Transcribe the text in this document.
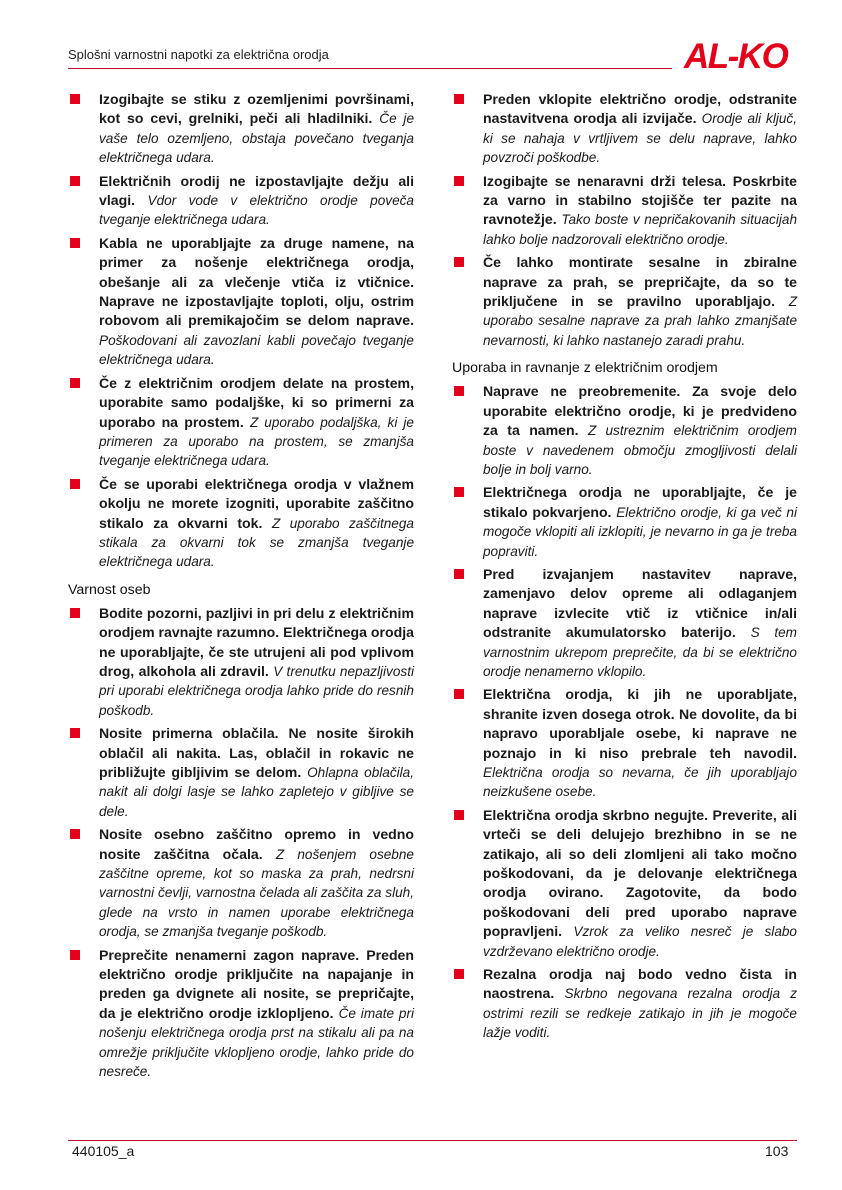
Splošni varnostni napotki za električna orodja	AL-KO
Izogibajte se stiku z ozemljenimi površinami, kot so cevi, grelniki, peči ali hladilniki. Če je vaše telo ozemljeno, obstaja povečano tveganja električnega udara.
Električnih orodij ne izpostavljajte dežju ali vlagi. Vdor vode v električno orodje poveča tveganje električnega udara.
Kabla ne uporabljajte za druge namene, na primer za nošenje električnega orodja, obešanje ali za vlečenje vtiča iz vtičnice. Naprave ne izpostavljajte toploti, olju, ostrim robovom ali premikajočim se delom naprave. Poškodovani ali zavozlani kabli povečajo tveganje električnega udara.
Če z električnim orodjem delate na prostem, uporabite samo podaljške, ki so primerni za uporabo na prostem. Z uporabo podaljška, ki je primeren za uporabo na prostem, se zmanjša tveganje električnega udara.
Če se uporabi električnega orodja v vlažnem okolju ne morete izogniti, uporabite zaščitno stikalo za okvarni tok. Z uporabo zaščitnega stikala za okvarni tok se zmanjša tveganje električnega udara.
Varnost oseb
Bodite pozorni, pazljivi in pri delu z električnim orodjem ravnajte razumno. Električnega orodja ne uporabljajte, če ste utrujeni ali pod vplivom drog, alkohola ali zdravil. V trenutku nepazljivosti pri uporabi električnega orodja lahko pride do resnih poškodb.
Nosite primerna oblačila. Ne nosite širokih oblačil ali nakita. Las, oblačil in rokavic ne približujte gibljivim se delom. Ohlapna oblačila, nakit ali dolgi lasje se lahko zapletejo v gibljive se dele.
Nosite osebno zaščitno opremo in vedno nosite zaščitna očala. Z nošenjem osebne zaščitne opreme, kot so maska za prah, nedrsni varnostni čevlji, varnostna čelada ali zaščita za sluh, glede na vrsto in namen uporabe električnega orodja, se zmanjša tveganje poškodb.
Preprečite nenamerni zagon naprave. Preden električno orodje priključite na napajanje in preden ga dvignete ali nosite, se prepričajte, da je električno orodje izklopljeno. Če imate pri nošenju električnega orodja prst na stikalu ali pa na omrežje priključite vklopljeno orodje, lahko pride do nesreče.
Preden vklopite električno orodje, odstranite nastavitvena orodja ali izvijače. Orodje ali ključ, ki se nahaja v vrtljivem se delu naprave, lahko povzroči poškodbe.
Izogibajte se nenaravni drži telesa. Poskrbite za varno in stabilno stojišče ter pazite na ravnotežje. Tako boste v nepričakovanih situacijah lahko bolje nadzorovali električno orodje.
Če lahko montirate sesalne in zbiralne naprave za prah, se prepričajte, da so te priključene in se pravilno uporabljajo. Z uporabo sesalne naprave za prah lahko zmanjšate nevarnosti, ki lahko nastanejo zaradi prahu.
Uporaba in ravnanje z električnim orodjem
Naprave ne preobremenite. Za svoje delo uporabite električno orodje, ki je predvideno za ta namen. Z ustreznim električnim orodjem boste v navedenem območju zmogljivosti delali bolje in bolj varno.
Električnega orodja ne uporabljajte, če je stikalo pokvarjeno. Električno orodje, ki ga več ni mogoče vklopiti ali izklopiti, je nevarno in ga je treba popraviti.
Pred izvajanjem nastavitev naprave, zamenjavo delov opreme ali odlaganjem naprave izvlecite vtič iz vtičnice in/ali odstranite akumulatorsko baterijo. S tem varnostnim ukrepom preprečite, da bi se električno orodje nenamerno vklopilo.
Električna orodja, ki jih ne uporabljate, shranite izven dosega otrok. Ne dovolite, da bi napravo uporabljale osebe, ki naprave ne poznajo in ki niso prebrale teh navodil. Električna orodja so nevarna, če jih uporabljajo neizkušene osebe.
Električna orodja skrbno negujte. Preverite, ali vrteči se deli delujejo brezhibno in se ne zatikajo, ali so deli zlomljeni ali tako močno poškodovani, da je delovanje električnega orodja ovirano. Zagotovite, da bodo poškodovani deli pred uporabo naprave popravljeni. Vzrok za veliko nesreč je slabo vzdrževano električno orodje.
Rezalna orodja naj bodo vedno čista in naostrena. Skrbno negovana rezalna orodja z ostrimi rezili se redkeje zatikajo in jih je mogoče lažje voditi.
440105_a	103
